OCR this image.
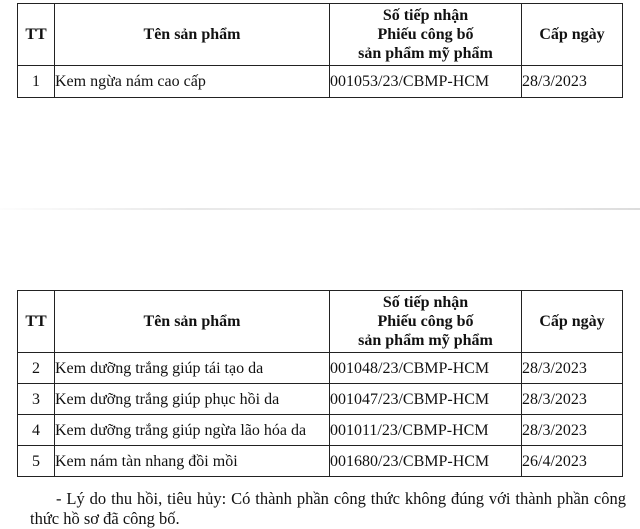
TT	Tên sản phẩm	Số tiếp nhận
Phiếu công bố
sản phẩm mỹ phẩm	Cấp ngày
1	Kem ngừa nám cao cấp	001053/23/CBMP-HCM	28/3/2023
TT	Tên sản phẩm	Số tiếp nhận
Phiếu công bố
sản phẩm mỹ phẩm	Cấp ngày
2	Kem dưỡng trắng giúp tái tạo da	001048/23/CBMP-HCM	28/3/2023
3	Kem dưỡng trắng giúp phục hồi da	001047/23/CBMP-HCM	28/3/2023
4	Kem dưỡng trắng giúp ngừa lão hóa da	001011/23/CBMP-HCM	28/3/2023
5	Kem nám tàn nhang đồi mồi	001680/23/CBMP-HCM	26/4/2023

- Lý do thu hồi, tiêu hủy: Có thành phần công thức không đúng với thành phần công thức hồ sơ đã công bố.
